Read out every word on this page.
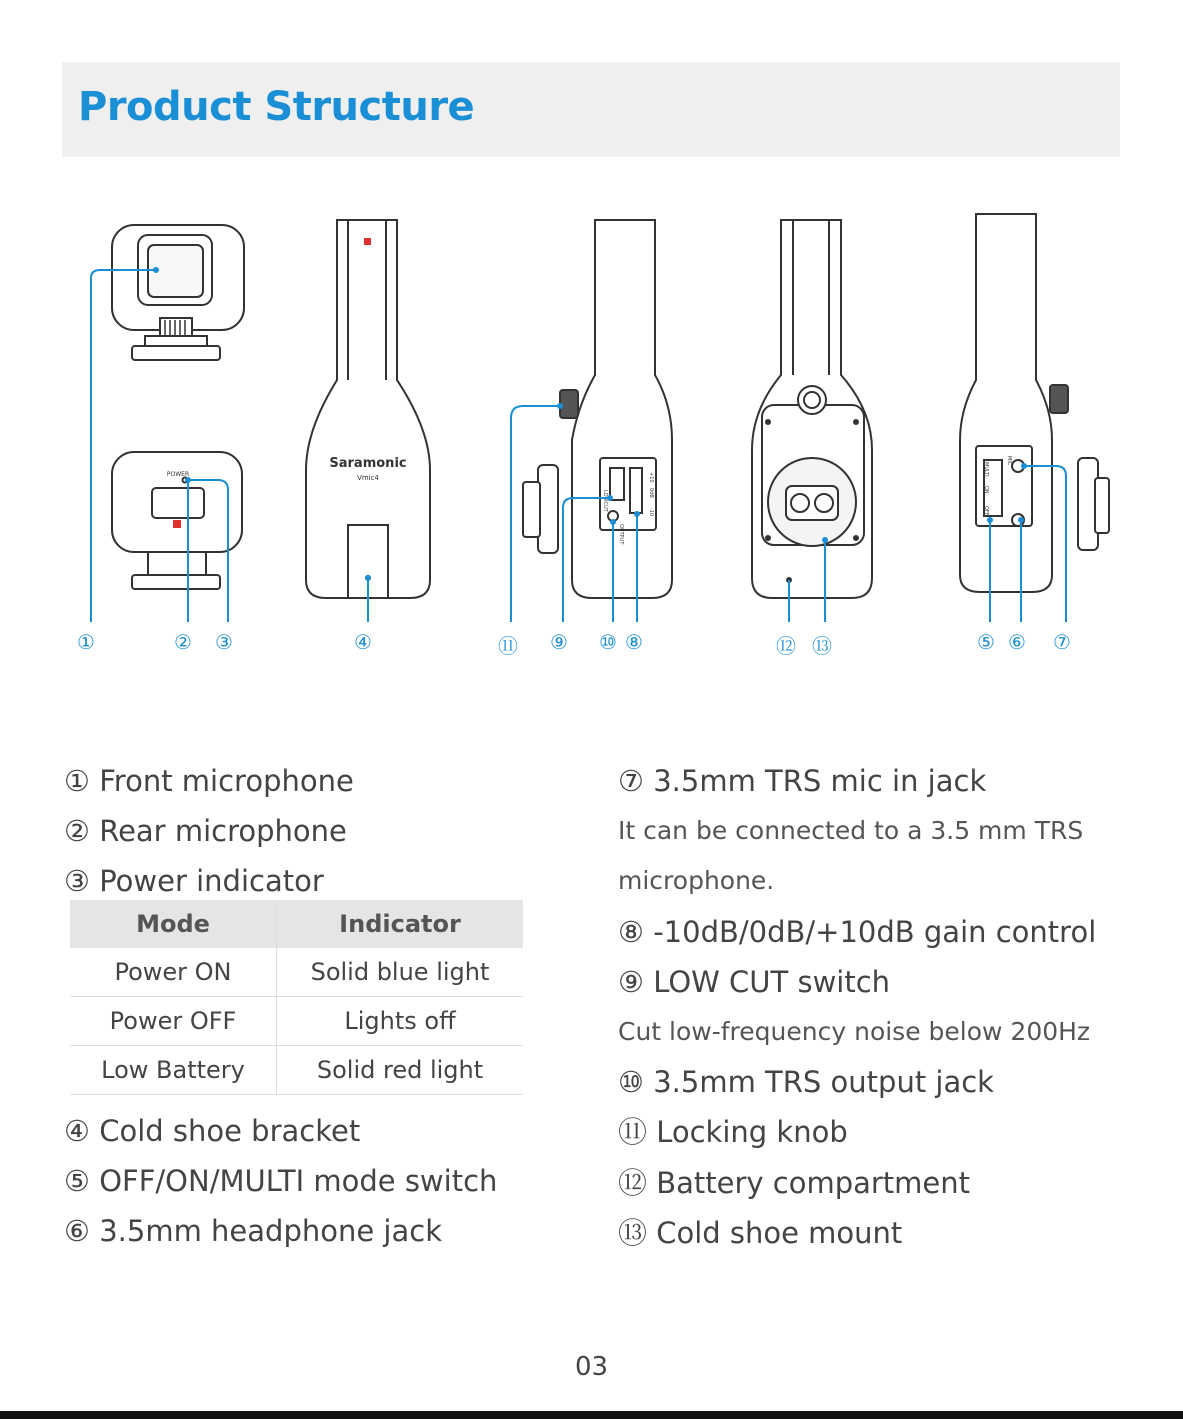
Product Structure
POWER
Saramonic
Vmic4
LOWCUT
OUTPUT
+10
0dB
-10
MULTI
ON
OFF
MIC
①	② ③	④	⑪ ⑨ ⑩ ⑧	⑫ ⑬	⑤ ⑥ ⑦
① Front microphone
② Rear microphone
③ Power indicator
Mode	Indicator
Power ON	Solid blue light
Power OFF	Lights off
Low Battery	Solid red light
④ Cold shoe bracket
⑤ OFF/ON/MULTI mode switch
⑥ 3.5mm headphone jack
⑦ 3.5mm TRS mic in jack
It can be connected to a 3.5 mm TRS
microphone.
⑧ -10dB/0dB/+10dB gain control
⑨ LOW CUT switch
Cut low-frequency noise below 200Hz
⑩ 3.5mm TRS output jack
⑪ Locking knob
⑫ Battery compartment
⑬ Cold shoe mount
03
